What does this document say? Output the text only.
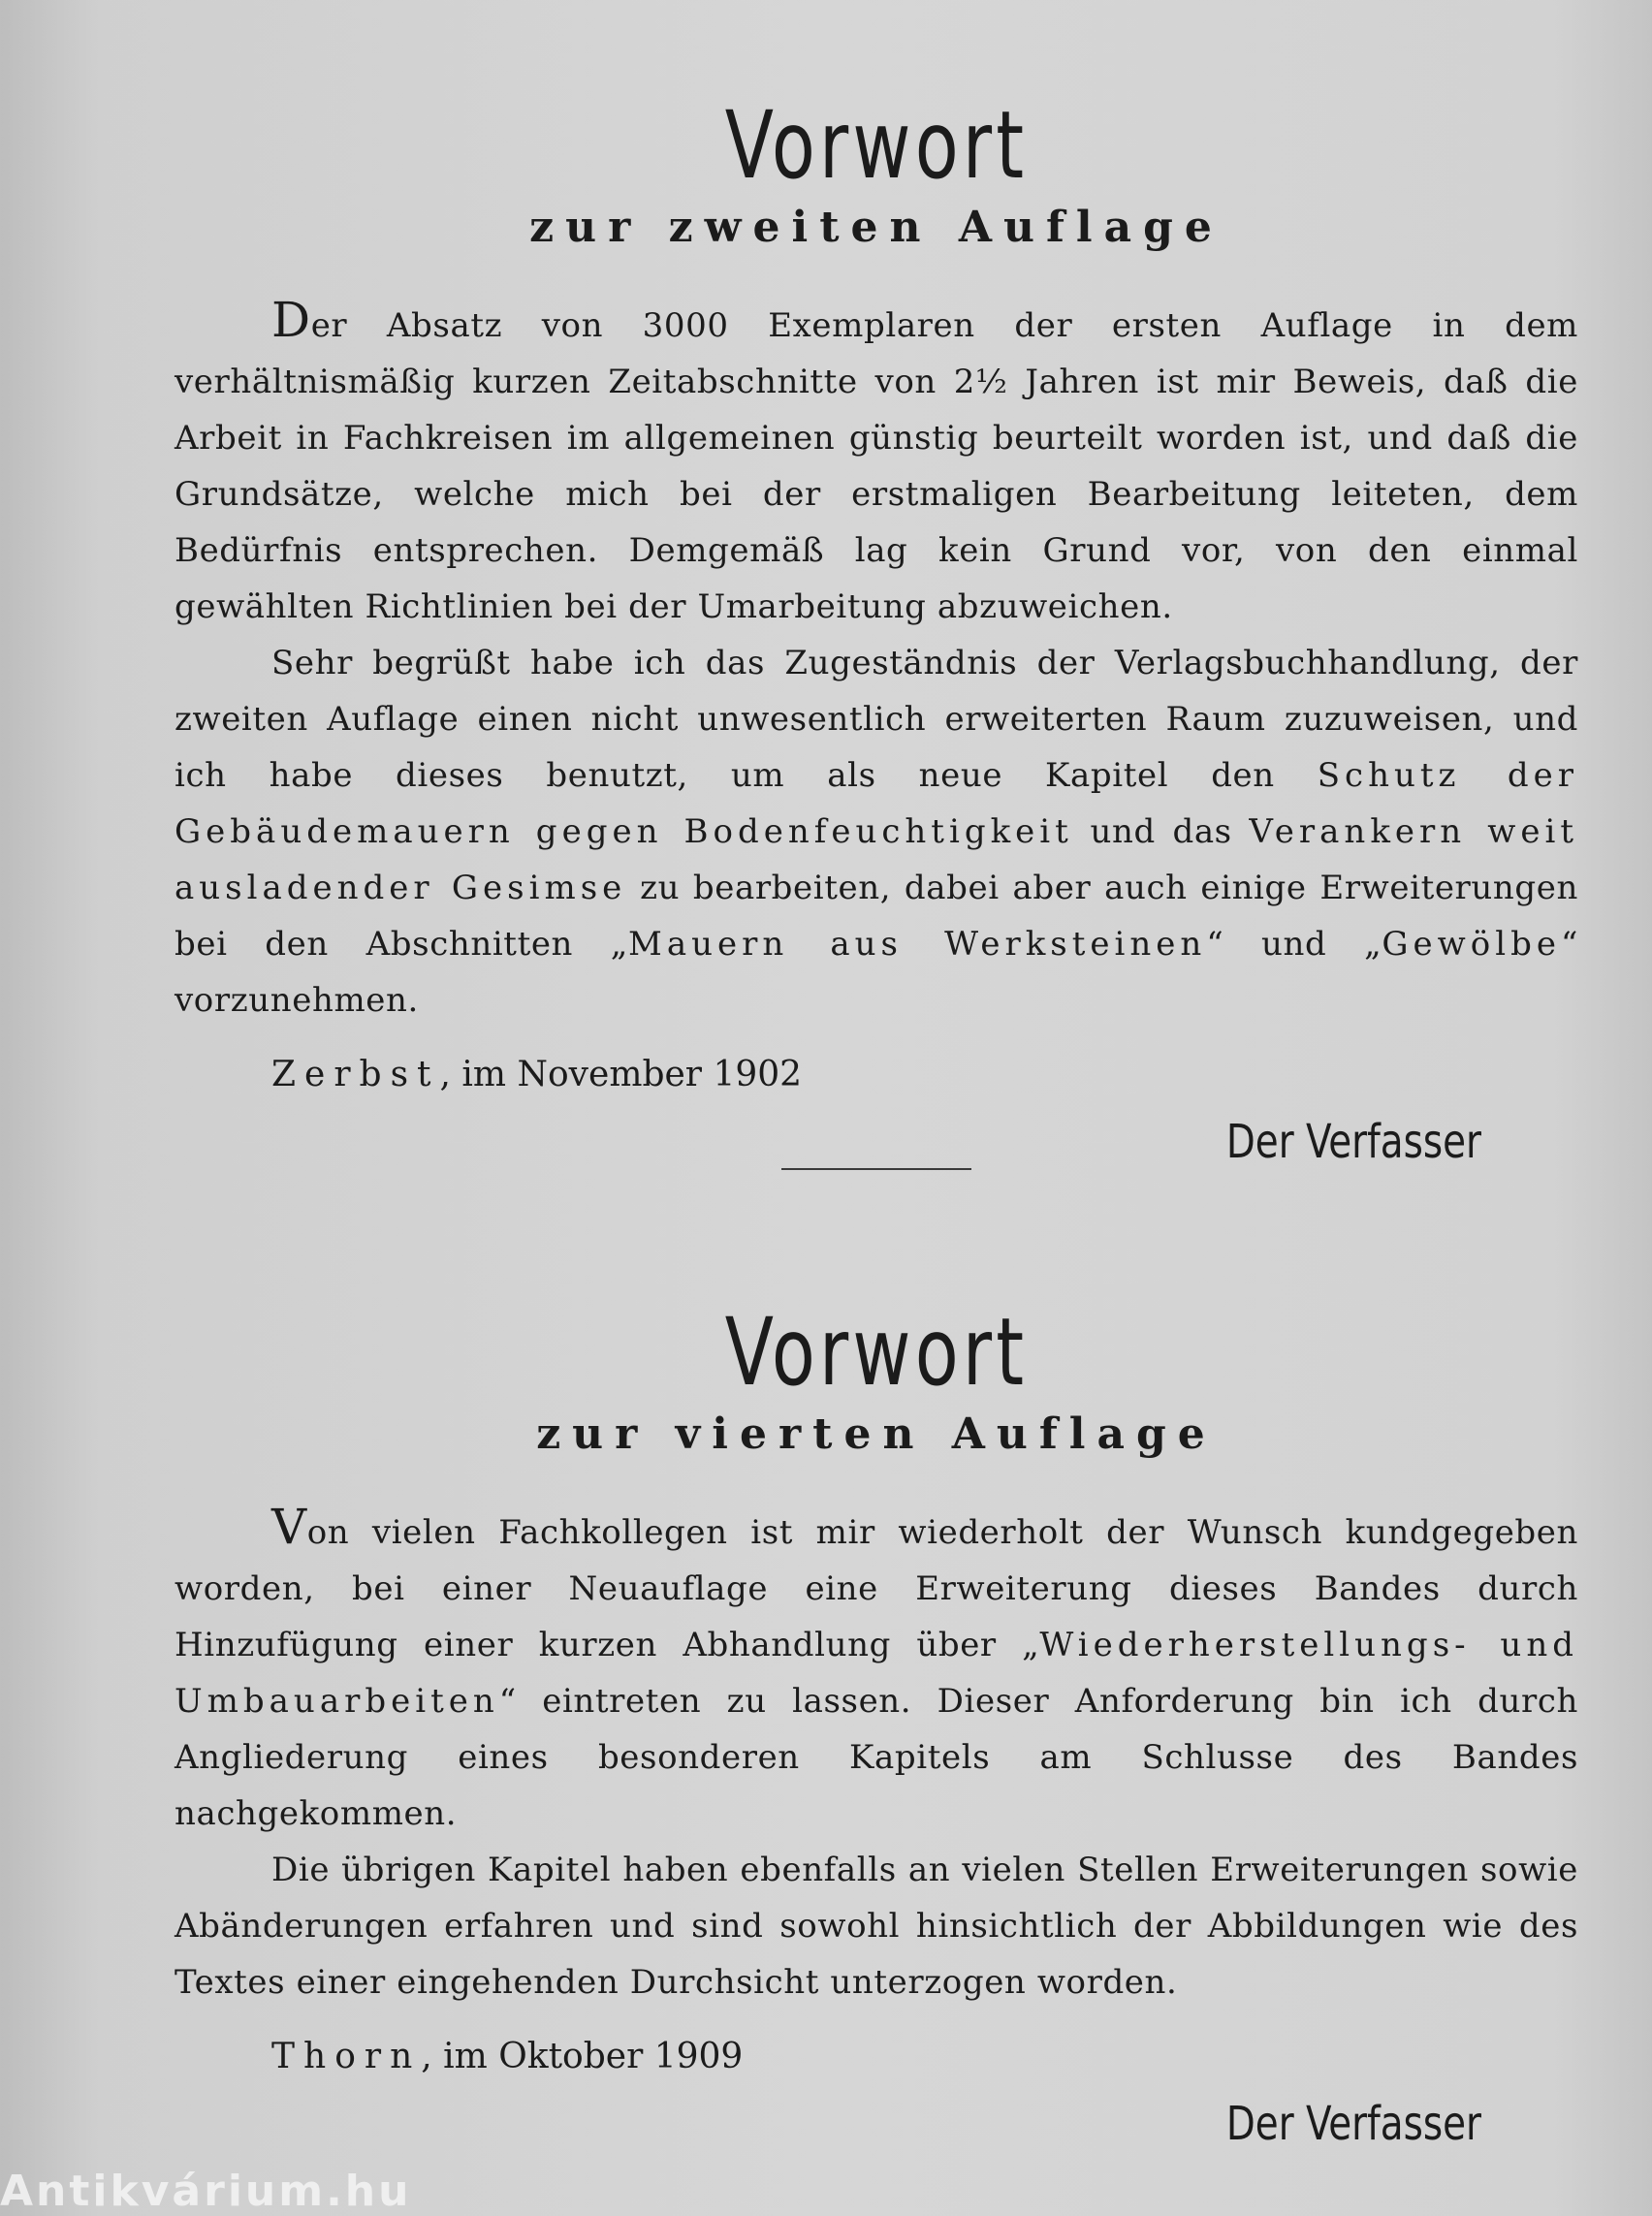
Vorwort
zur zweiten Auflage

Der Absatz von 3000 Exemplaren der ersten Auflage in dem verhältnismäßig kurzen Zeitabschnitte von 2½ Jahren ist mir Beweis, daß die Arbeit in Fachkreisen im allgemeinen günstig beurteilt worden ist, und daß die Grundsätze, welche mich bei der erstmaligen Bearbeitung leiteten, dem Bedürfnis entsprechen. Demgemäß lag kein Grund vor, von den einmal gewählten Richtlinien bei der Umarbeitung abzuweichen.

Sehr begrüßt habe ich das Zugeständnis der Verlagsbuchhandlung, der zweiten Auflage einen nicht unwesentlich erweiterten Raum zuzuweisen, und ich habe dieses benutzt, um als neue Kapitel den Schutz der Gebäudemauern gegen Bodenfeuchtigkeit und das Verankern weit ausladender Gesimse zu bearbeiten, dabei aber auch einige Erweiterungen bei den Abschnitten „Mauern aus Werksteinen“ und „Gewölbe“ vorzunehmen.

Zerbst, im November 1902
Der Verfasser
Vorwort
zur vierten Auflage

Von vielen Fachkollegen ist mir wiederholt der Wunsch kundgegeben worden, bei einer Neuauflage eine Erweiterung dieses Bandes durch Hinzufügung einer kurzen Abhandlung über „Wiederherstellungs- und Umbauarbeiten“ eintreten zu lassen. Dieser Anforderung bin ich durch Angliederung eines besonderen Kapitels am Schlusse des Bandes nachgekommen.

Die übrigen Kapitel haben ebenfalls an vielen Stellen Erweiterungen sowie Abänderungen erfahren und sind sowohl hinsichtlich der Abbildungen wie des Textes einer eingehenden Durchsicht unterzogen worden.

Thorn, im Oktober 1909
Der Verfasser
Antikvárium.hu
